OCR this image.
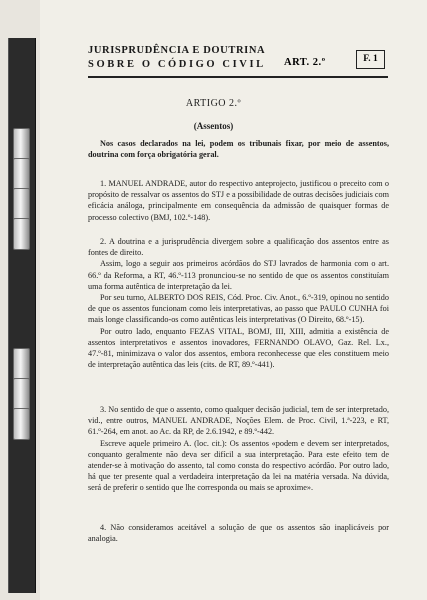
JURISPRUDÊNCIA E DOUTRINA
SOBRE O CÓDIGO CIVIL	ART. 2.º	F. 1
ARTIGO 2.º
(Assentos)

Nos casos declarados na lei, podem os tribunais fixar, por meio de assentos, doutrina com força obrigatória geral.

1. MANUEL ANDRADE, autor do respectivo anteprojecto, justificou o preceito com o propósito de ressalvar os assentos do STJ e a possibilidade de outras decisões judiciais com eficácia análoga, principalmente em consequência da admissão de quaisquer formas de processo colectivo (BMJ, 102.º-148).

2. A doutrina e a jurisprudência divergem sobre a qualificação dos assentos entre as fontes de direito.

Assim, logo a seguir aos primeiros acórdãos do STJ lavrados de harmonia com o art. 66.º da Reforma, a RT, 46.º-113 pronunciou-se no sentido de que os assentos constituíam uma forma autêntica de interpretação da lei.

Por seu turno, ALBERTO DOS REIS, Cód. Proc. Civ. Anot., 6.º-319, opinou no sentido de que os assentos funcionam como leis interpretativas, ao passo que PAULO CUNHA foi mais longe classificando-os como autênticas leis interpretativas (O Direito, 68.º-15).

Por outro lado, enquanto FEZAS VITAL, BOMJ, III, XIII, admitia a existência de assentos interpretativos e assentos inovadores, FERNANDO OLAVO, Gaz. Rel. Lx., 47.º-81, minimizava o valor dos assentos, embora reconhecesse que eles constituem meio de interpretação autêntica das leis (cits. de RT, 89.º-441).

3. No sentido de que o assento, como qualquer decisão judicial, tem de ser interpretado, vid., entre outros, MANUEL ANDRADE, Noções Elem. de Proc. Civil, 1.ª-223, e RT, 61.º-264, em anot. ao Ac. da RP, de 2.6.1942, e 89.º-442.

Escreve aquele primeiro A. (loc. cit.): Os assentos «podem e devem ser interpretados, conquanto geralmente não deva ser difícil a sua interpretação. Para este efeito tem de atender-se à motivação do assento, tal como consta do respectivo acórdão. Por outro lado, há que ter presente qual a verdadeira interpretação da lei na matéria versada. Na dúvida, será de preferir o sentido que lhe corresponda ou mais se aproxime».

4. Não consideramos aceitável a solução de que os assentos são inaplicáveis por analogia.
